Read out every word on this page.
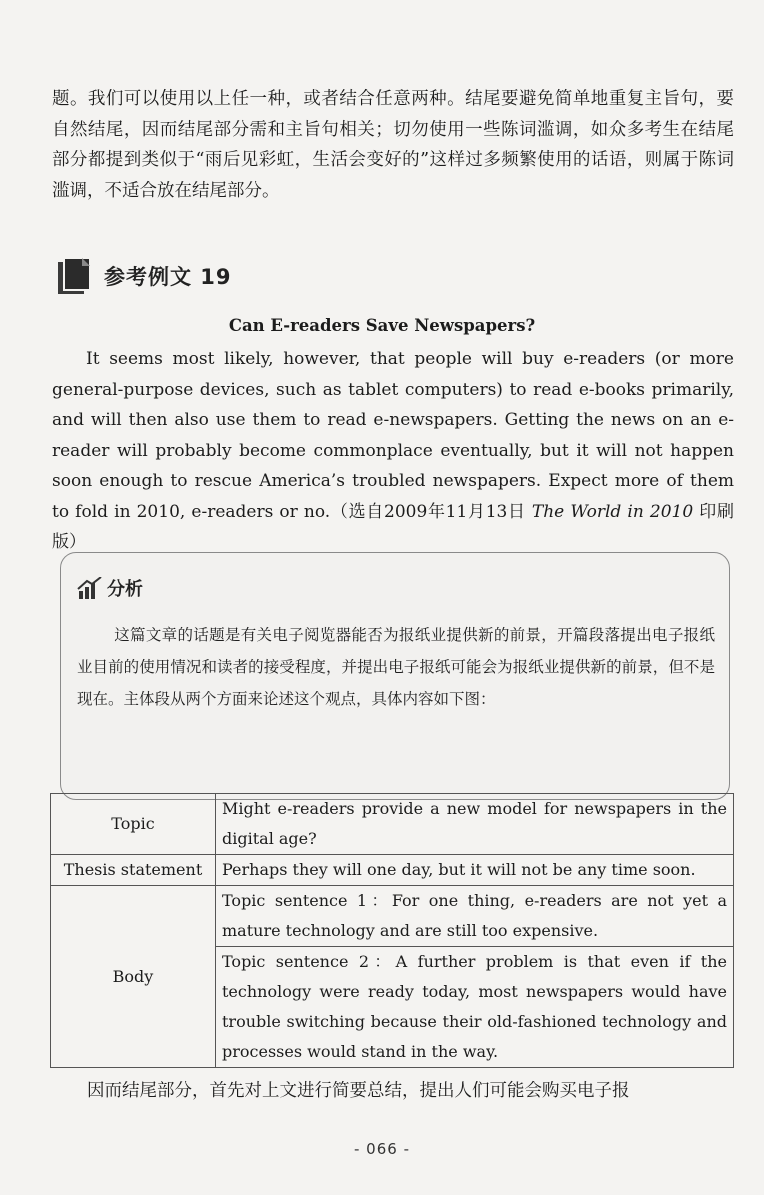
题。我们可以使用以上任一种，或者结合任意两种。结尾要避免简单地重复主旨句，要自然结尾，因而结尾部分需和主旨句相关；切勿使用一些陈词滥调，如众多考生在结尾部分都提到类似于“雨后见彩虹，生活会变好的”这样过多频繁使用的话语，则属于陈词滥调，不适合放在结尾部分。

参考例文 19

Can E-readers Save Newspapers?

It seems most likely, however, that people will buy e-readers (or more general-purpose devices, such as tablet computers) to read e-books primarily, and will then also use them to read e-newspapers. Getting the news on an e-reader will probably become commonplace eventually, but it will not happen soon enough to rescue America’s troubled newspapers. Expect more of them to fold in 2010, e-readers or no.（选自2009年11月13日 The World in 2010 印刷版）

分析

这篇文章的话题是有关电子阅览器能否为报纸业提供新的前景，开篇段落提出电子报纸业目前的使用情况和读者的接受程度，并提出电子报纸可能会为报纸业提供新的前景，但不是现在。主体段从两个方面来论述这个观点，具体内容如下图：

Topic	Might e-readers provide a new model for newspapers in the digital age?
Thesis statement	Perhaps they will one day, but it will not be any time soon.
Body	Topic sentence 1：For one thing, e-readers are not yet a mature technology and are still too expensive.
	Topic sentence 2：A further problem is that even if the technology were ready today, most newspapers would have trouble switching because their old-fashioned technology and processes would stand in the way.

因而结尾部分，首先对上文进行简要总结，提出人们可能会购买电子报

- 066 -
